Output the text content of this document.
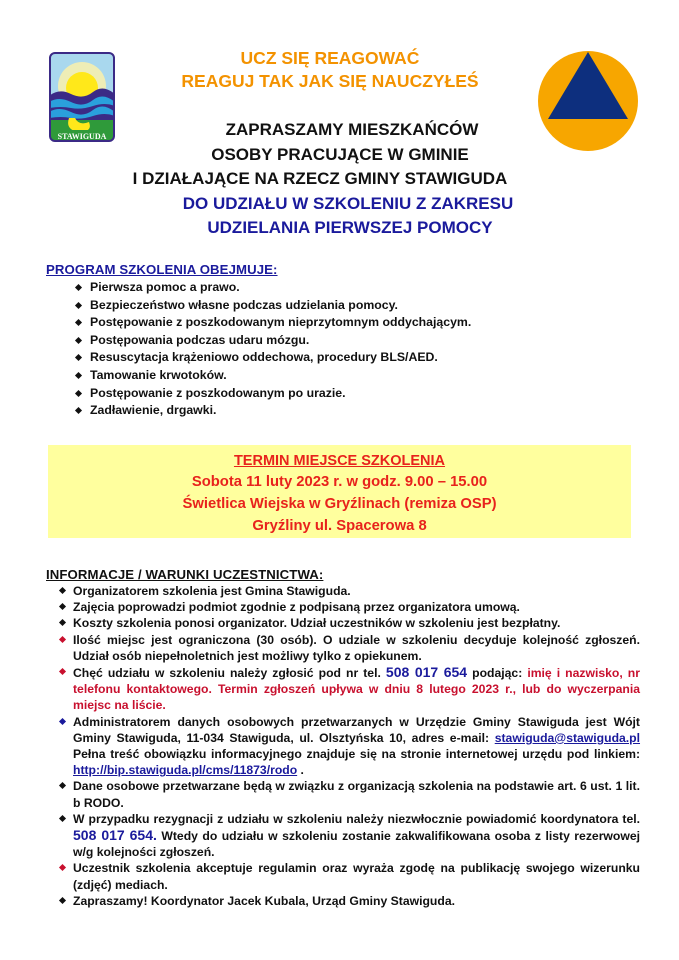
STAWIGUDA
UCZ SIĘ REAGOWAĆ
REAGUJ TAK JAK SIĘ NAUCZYŁEŚ
ZAPRASZAMY MIESZKAŃCÓW
OSOBY PRACUJĄCE W GMINIE
I DZIAŁAJĄCE NA RZECZ GMINY STAWIGUDA
DO UDZIAŁU W SZKOLENIU Z ZAKRESU
UDZIELANIA PIERWSZEJ POMOCY
PROGRAM SZKOLENIA OBEJMUJE:
Pierwsza pomoc a prawo.
Bezpieczeństwo własne podczas udzielania pomocy.
Postępowanie z poszkodowanym nieprzytomnym oddychającym.
Postępowania podczas udaru mózgu.
Resuscytacja krążeniowo oddechowa, procedury BLS/AED.
Tamowanie krwotoków.
Postępowanie z poszkodowanym po urazie.
Zadławienie, drgawki.
TERMIN MIEJSCE SZKOLENIA
Sobota 11 luty 2023 r. w godz. 9.00 – 15.00
Świetlica Wiejska w Gryźlinach (remiza OSP)
Gryźliny ul. Spacerowa 8
INFORMACJE / WARUNKI UCZESTNICTWA:
Organizatorem szkolenia jest Gmina Stawiguda.
Zajęcia poprowadzi podmiot zgodnie z podpisaną przez organizatora umową.
Koszty szkolenia ponosi organizator. Udział uczestników w szkoleniu jest bezpłatny.
Ilość miejsc jest ograniczona (30 osób). O udziale w szkoleniu decyduje kolejność zgłoszeń. Udział osób niepełnoletnich jest możliwy tylko z opiekunem.
Chęć udziału w szkoleniu należy zgłosić pod nr tel. 508 017 654 podając: imię i nazwisko, nr telefonu kontaktowego. Termin zgłoszeń upływa w dniu 8 lutego 2023 r., lub do wyczerpania miejsc na liście.
Administratorem danych osobowych przetwarzanych w Urzędzie Gminy Stawiguda jest Wójt Gminy Stawiguda, 11-034 Stawiguda, ul. Olsztyńska 10, adres e-mail: stawiguda@stawiguda.pl Pełna treść obowiązku informacyjnego znajduje się na stronie internetowej urzędu pod linkiem: http://bip.stawiguda.pl/cms/11873/rodo .
Dane osobowe przetwarzane będą w związku z organizacją szkolenia na podstawie art. 6 ust. 1 lit. b RODO.
W przypadku rezygnacji z udziału w szkoleniu należy niezwłocznie powiadomić koordynatora tel. 508 017 654. Wtedy do udziału w szkoleniu zostanie zakwalifikowana osoba z listy rezerwowej w/g kolejności zgłoszeń.
Uczestnik szkolenia akceptuje regulamin oraz wyraża zgodę na publikację swojego wizerunku (zdjęć) mediach.
Zapraszamy! Koordynator Jacek Kubala, Urząd Gminy Stawiguda.
